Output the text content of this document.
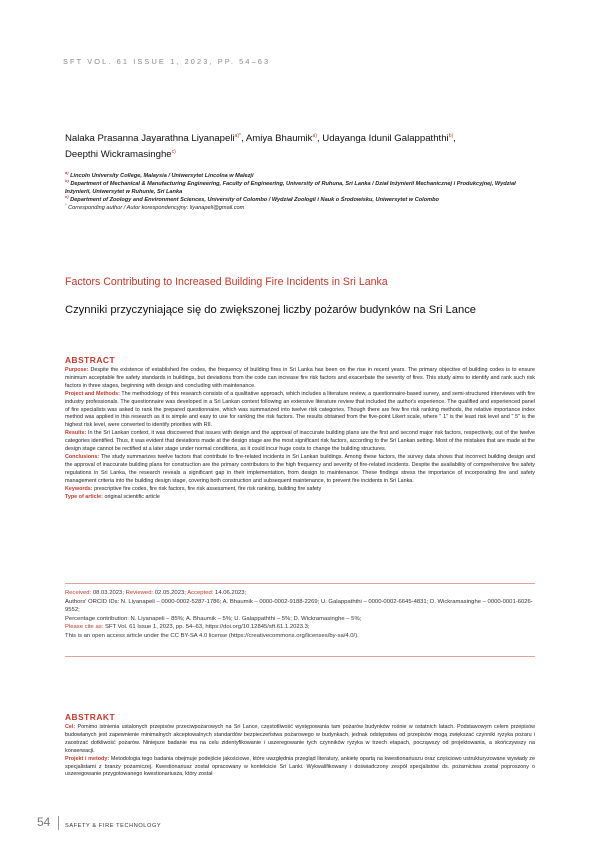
SFT VOL. 61 ISSUE 1, 2023, PP. 54–63
Nalaka Prasanna Jayarathna Liyanapeli$^{a)*}$, Amiya Bhaumik$^{a)}$, Udayanga Idunil Galappaththi$^{b)}$,
Deepthi Wickramasinghe$^{c)}$
$^{a)}$ Lincoln University College, Malaysia / Uniwersytet Lincolna w Malezji
$^{b)}$ Department of Mechanical & Manufacturing Engineering, Faculty of Engineering, University of Ruhuna, Sri Lanka / Dział Inżynierii Mechanicznej i Produkcyjnej, Wydział Inżynierii, Uniwersytet w Ruhunie, Sri Lanka
$^{c)}$ Department of Zoology and Environment Sciences, University of Colombo / Wydział Zoologii i Nauk o Środowisku, Uniwersytet w Colombo
* Corresponding author / Autor korespondencyjny: liyanapeli@gmail.com
Factors Contributing to Increased Building Fire Incidents in Sri Lanka
Czynniki przyczyniające się do zwiększonej liczby pożarów budynków na Sri Lance
ABSTRACT

Purpose: Despite the existence of established fire codes, the frequency of building fires in Sri Lanka has been on the rise in recent years. The primary objective of building codes is to ensure minimum acceptable fire safety standards in buildings, but deviations from the code can increase fire risk factors and exacerbate the severity of fires. This study aims to identify and rank such risk factors in three stages, beginning with design and concluding with maintenance.

Project and Methods: The methodology of this research consists of a qualitative approach, which includes a literature review, a questionnaire-based survey, and semi-structured interviews with fire industry professionals. The questionnaire was developed in a Sri Lankan context following an extensive literature review that included the author's experience. The qualified and experienced panel of fire specialists was asked to rank the prepared questionnaire, which was summarized into twelve risk categories. Though there are few fire risk ranking methods, the relative importance index method was applied in this research as it is simple and easy to use for ranking the risk factors. The results obtained from the five-point Likert scale, where " 1" is the least risk level and " 5" is the highest risk level, were converted to identify priorities with RII.

Results: In the Sri Lankan context, it was discovered that issues with design and the approval of inaccurate building plans are the first and second major risk factors, respectively, out of the twelve categories identified. Thus, it was evident that deviations made at the design stage are the most significant risk factors, according to the Sri Lankan setting. Most of the mistakes that are made at the design stage cannot be rectified at a later stage under normal conditions, as it could incur huge costs to change the building structures.

Conclusions: The study summarizes twelve factors that contribute to fire-related incidents in Sri Lankan buildings. Among these factors, the survey data shows that incorrect building design and the approval of inaccurate building plans for construction are the primary contributors to the high frequency and severity of fire-related incidents. Despite the availability of comprehensive fire safety regulations in Sri Lanka, the research reveals a significant gap in their implementation, from design to maintenance. These findings stress the importance of incorporating fire and safety management criteria into the building design stage, covering both construction and subsequent maintenance, to prevent fire incidents in Sri Lanka.

Keywords: prescriptive fire codes, fire risk factors, fire risk assessment, fire risk ranking, building fire safety

Type of article: original scientific article

Received: 08.03.2023; Reviewed: 02.05.2023; Accepted: 14.06.2023;

Authors' ORCID IDs: N. Liyanapeli – 0000-0002-5287-1786; A. Bhaumik – 0000-0002-9188-2269; U. Galappaththi – 0000-0002-6645-4831; D. Wickramasinghe – 0000-0001-6026-9552;

Percentage contribution: N. Liyanapeli – 85%; A. Bhaumik – 5%; U. Galappaththi – 5%; D. Wickramasinghe – 5%;

Please cite as: SFT Vol. 61 Issue 1, 2023, pp. 54–63, https://doi.org/10.12845/sft.61.1.2023.3;

This is an open access article under the CC BY-SA 4.0 license (https://creativecommons.org/licenses/by-sa/4.0/).

ABSTRAKT

Cel: Pomimo istnienia ustalonych przepisów przeciwpożarowych na Sri Lance, częstotliwość występowania tam pożarów budynków rośnie w ostatnich latach. Podstawowym celem przepisów budowlanych jest zapewnienie minimalnych akceptowalnych standardów bezpieczeństwa pożarowego w budynkach, jednak odstępstwa od przepisów mogą zwiększać czynniki ryzyka pożaru i zaostrzać dotkliwość pożarów. Niniejsze badanie ma na celu zidentyfikowanie i uszeregowanie tych czynników ryzyka w trzech etapach, począwszy od projektowania, a skończywszy na konserwacji.

Projekt i metody: Metodologia tego badania obejmuje podejście jakościowe, które uwzględnia przegląd literatury, ankietę opartą na kwestionariuszu oraz częściowo ustrukturyzowane wywiady ze specjalistami z branży pożarniczej. Kwestionariusz został opracowany w kontekście Sri Lanki. Wykwalifikowany i doświadczony zespół specjalistów ds. pożarnictwa został poproszony o uszeregowanie przygotowanego kwestionariusza, który został

54	SAFETY & FIRE TECHNOLOGY
